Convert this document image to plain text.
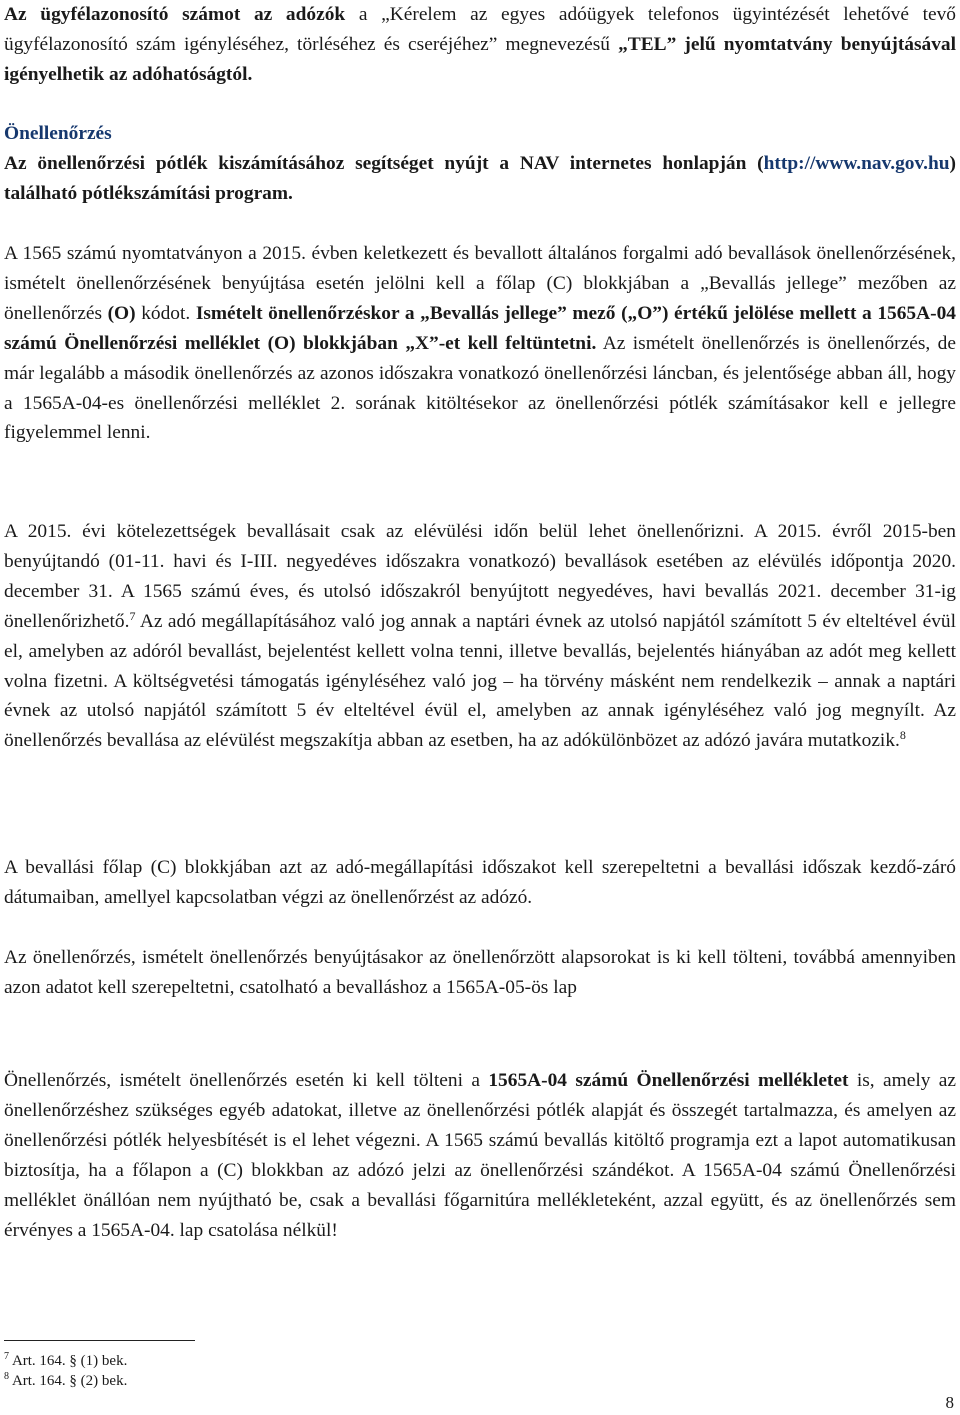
Az ügyfélazonosító számot az adózók a „Kérelem az egyes adóügyek telefonos ügyintézését lehetővé tevő ügyfélazonosító szám igényléséhez, törléséhez és cseréjéhez” megnevezésű „TEL” jelű nyomtatvány benyújtásával igényelhetik az adóhatóságtól.

Önellenőrzés

Az önellenőrzési pótlék kiszámításához segítséget nyújt a NAV internetes honlapján (http://www.nav.gov.hu) található pótlékszámítási program.

A 1565 számú nyomtatványon a 2015. évben keletkezett és bevallott általános forgalmi adó bevallások önellenőrzésének, ismételt önellenőrzésének benyújtása esetén jelölni kell a főlap (C) blokkjában a „Bevallás jellege” mezőben az önellenőrzés (O) kódot. Ismételt önellenőrzéskor a „Bevallás jellege” mező („O”) értékű jelölése mellett a 1565A-04 számú Önellenőrzési melléklet (O) blokkjában „X”-et kell feltüntetni. Az ismételt önellenőrzés is önellenőrzés, de már legalább a második önellenőrzés az azonos időszakra vonatkozó önellenőrzési láncban, és jelentősége abban áll, hogy a 1565A-04-es önellenőrzési melléklet 2. sorának kitöltésekor az önellenőrzési pótlék számításakor kell e jellegre figyelemmel lenni.

A 2015. évi kötelezettségek bevallásait csak az elévülési időn belül lehet önellenőrizni. A 2015. évről 2015-ben benyújtandó (01-11. havi és I-III. negyedéves időszakra vonatkozó) bevallások esetében az elévülés időpontja 2020. december 31. A 1565 számú éves, és utolsó időszakról benyújtott negyedéves, havi bevallás 2021. december 31-ig önellenőrizhető.$^7$ Az adó megállapításához való jog annak a naptári évnek az utolsó napjától számított 5 év elteltével évül el, amelyben az adóról bevallást, bejelentést kellett volna tenni, illetve bevallás, bejelentés hiányában az adót meg kellett volna fizetni. A költségvetési támogatás igényléséhez való jog – ha törvény másként nem rendelkezik – annak a naptári évnek az utolsó napjától számított 5 év elteltével évül el, amelyben az annak igényléséhez való jog megnyílt. Az önellenőrzés bevallása az elévülést megszakítja abban az esetben, ha az adókülönbözet az adózó javára mutatkozik.$^8$

A bevallási főlap (C) blokkjában azt az adó-megállapítási időszakot kell szerepeltetni a bevallási időszak kezdő-záró dátumaiban, amellyel kapcsolatban végzi az önellenőrzést az adózó.

Az önellenőrzés, ismételt önellenőrzés benyújtásakor az önellenőrzött alapsorokat is ki kell tölteni, továbbá amennyiben azon adatot kell szerepeltetni, csatolható a bevalláshoz a 1565A-05-ös lap

Önellenőrzés, ismételt önellenőrzés esetén ki kell tölteni a 1565A-04 számú Önellenőrzési mellékletet is, amely az önellenőrzéshez szükséges egyéb adatokat, illetve az önellenőrzési pótlék alapját és összegét tartalmazza, és amelyen az önellenőrzési pótlék helyesbítését is el lehet végezni. A 1565 számú bevallás kitöltő programja ezt a lapot automatikusan biztosítja, ha a főlapon a (C) blokkban az adózó jelzi az önellenőrzési szándékot. A 1565A-04 számú Önellenőrzési melléklet önállóan nem nyújtható be, csak a bevallási főgarnitúra mellékleteként, azzal együtt, és az önellenőrzés sem érvényes a 1565A-04. lap csatolása nélkül!

$^7$ Art. 164. § (1) bek.
$^8$ Art. 164. § (2) bek.
8
